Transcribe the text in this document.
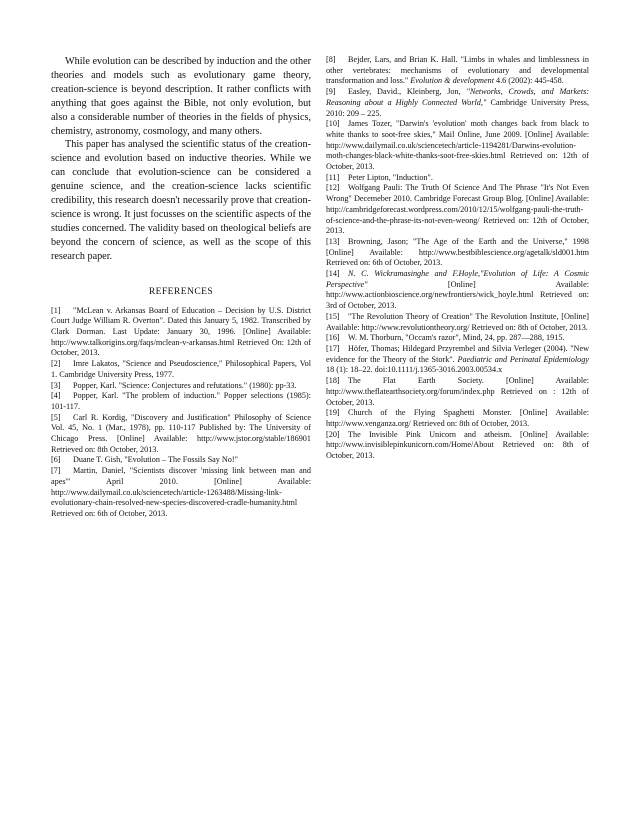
While evolution can be described by induction and the other theories and models such as evolutionary game theory, creation-science is beyond description. It rather conflicts with anything that goes against the Bible, not only evolution, but also a considerable number of theories in the fields of physics, chemistry, astronomy, cosmology, and many others.

This paper has analysed the scientific status of the creation-science and evolution based on inductive theories. While we can conclude that evolution-science can be considered a genuine science, and the creation-science lacks scientific credibility, this research doesn't necessarily prove that creation-science is wrong. It just focusses on the scientific aspects of the studies concerned. The validity based on theological beliefs are beyond the concern of science, as well as the scope of this research paper.

REFERENCES

[1] "McLean v. Arkansas Board of Education – Decision by U.S. District Court Judge William R. Overton". Dated this January 5, 1982. Transcribed by Clark Dorman. Last Update: January 30, 1996. [Online] Available: http://www.talkorigins.org/faqs/mclean-v-arkansas.html Retrieved On: 12th of October, 2013.

[2] Imre Lakatos, "Science and Pseudoscience," Philosophical Papers, Vol 1. Cambridge University Press, 1977.

[3] Popper, Karl. "Science: Conjectures and refutations." (1980): pp-33.

[4] Popper, Karl. "The problem of induction." Popper selections (1985): 101-117.

[5] Carl R. Kordig, "Discovery and Justification" Philosophy of Science Vol. 45, No. 1 (Mar., 1978), pp. 110-117 Published by: The University of Chicago Press. [Online] Available: http://www.jstor.org/stable/186901 Retrieved on: 8th October, 2013.

[6] Duane T. Gish, "Evolution – The Fossils Say No!"

[7] Martin, Daniel, "Scientists discover 'missing link between man and apes'" April 2010. [Online] Available: http://www.dailymail.co.uk/sciencetech/article-1263488/Missing-link-evolutionary-chain-resolved-new-species-discovered-cradle-humanity.html Retrieved on: 6th of October, 2013.

[8] Bejder, Lars, and Brian K. Hall. "Limbs in whales and limblessness in other vertebrates: mechanisms of evolutionary and developmental transformation and loss." Evolution & development 4.6 (2002): 445-458.

[9] Easley, David., Kleinberg, Jon, "Networks, Crowds, and Markets: Reasoning about a Highly Connected World," Cambridge University Press, 2010: 209 – 225.

[10] James Tozer, "Darwin's 'evolution' moth changes back from black to white thanks to soot-free skies," Mail Online, June 2009. [Online] Available: http://www.dailymail.co.uk/sciencetech/article-1194281/Darwins-evolution-moth-changes-black-white-thanks-soot-free-skies.html Retrieved on: 12th of October, 2013.

[11] Peter Lipton, "Induction".

[12] Wolfgang Pauli: The Truth Of Science And The Phrase "It's Not Even Wrong" Decemeber 2010. Cambridge Forecast Group Blog. [Online] Available: http://cambridgeforecast.wordpress.com/2010/12/15/wolfgang-pauli-the-truth-of-science-and-the-phrase-its-not-even-weong/ Retrieved on: 12th of October, 2013.

[13] Browning, Jason; "The Age of the Earth and the Universe," 1998 [Online] Available: http://www.bestbiblescience.org/agetalk/sld001.htm Retrieved on: 6th of October, 2013.

[14] N. C. Wickramasinghe and F.Hoyle,"Evolution of Life: A Cosmic Perspective" [Online] Available: http://www.actionbioscience.org/newfrontiers/wick_hoyle.html Retrieved on: 3rd of October, 2013.

[15] "The Revolution Theory of Creation" The Revolution Institute, [Online] Available: http://www.revolutiontheory.org/ Retrieved on: 8th of October, 2013.

[16] W. M. Thorburn, "Occam's razor", Mind, 24, pp. 287—288, 1915.

[17] Höfer, Thomas; Hildegard Przyrembel and Silvia Verleger (2004). "New evidence for the Theory of the Stork". Paediatric and Perinatal Epidemiology 18 (1): 18–22. doi:10.1111/j.1365-3016.2003.00534.x

[18] The Flat Earth Society. [Online] Available: http://www.theflatearthsociety.org/forum/index.php Retrieved on : 12th of October, 2013.

[19] Church of the Flying Spaghetti Monster. [Online] Available: http://www.venganza.org/ Retrieved on: 8th of October, 2013.

[20] The Invisible Pink Unicorn and atheism. [Online] Available: http://www.invisiblepinkunicorn.com/Home/About Retrieved on: 8th of October, 2013.
